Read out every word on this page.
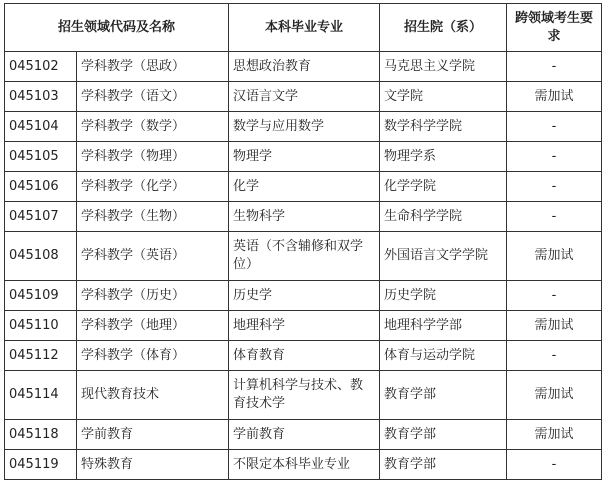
招生领域代码及名称		本科毕业专业	招生院（系）	跨领域考生要求
045102	学科教学（思政）	思想政治教育	马克思主义学院	-
045103	学科教学（语文）	汉语言文学	文学院	需加试
045104	学科教学（数学）	数学与应用数学	数学科学学院	-
045105	学科教学（物理）	物理学	物理学系	-
045106	学科教学（化学）	化学	化学学院	-
045107	学科教学（生物）	生物科学	生命科学学院	-
045108	学科教学（英语）	英语（不含辅修和双学位）	外国语言文学学院	需加试
045109	学科教学（历史）	历史学	历史学院	-
045110	学科教学（地理）	地理科学	地理科学学部	需加试
045112	学科教学（体育）	体育教育	体育与运动学院	-
045114	现代教育技术	计算机科学与技术、教育技术学	教育学部	需加试
045118	学前教育	学前教育	教育学部	需加试
045119	特殊教育	不限定本科毕业专业	教育学部	-
